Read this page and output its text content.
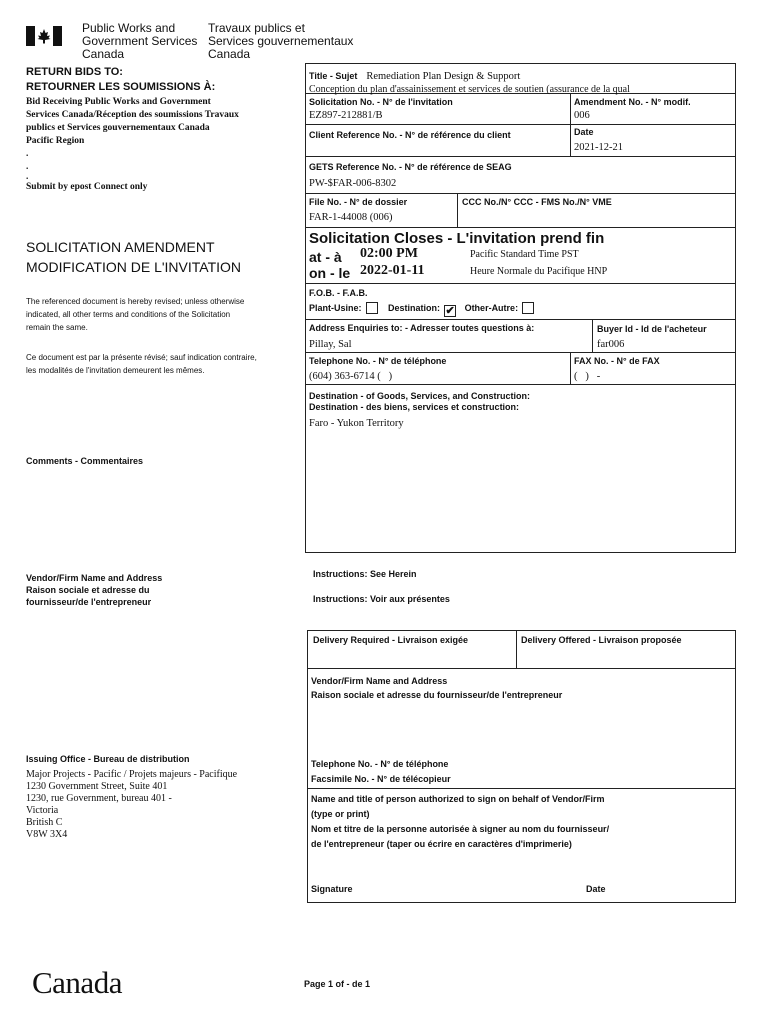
Public Works and
Government Services
Canada
Travaux publics et
Services gouvernementaux
Canada
RETURN BIDS TO:
RETOURNER LES SOUMISSIONS À:
Bid Receiving Public Works and Government
Services Canada/Réception des soumissions Travaux
publics et Services gouvernementaux Canada
Pacific Region
.
.
.
Submit by epost Connect only
SOLICITATION AMENDMENT
MODIFICATION DE L'INVITATION
The referenced document is hereby revised; unless otherwise
indicated, all other terms and conditions of the Solicitation
remain the same.
Ce document est par la présente révisé; sauf indication contraire,
les modalités de l'invitation demeurent les mêmes.
Comments - Commentaires
Vendor/Firm Name and Address
Raison sociale et adresse du
fournisseur/de l'entrepreneur
Issuing Office - Bureau de distribution
Major Projects - Pacific / Projets majeurs - Pacifique
1230 Government Street, Suite 401
1230, rue Government, bureau 401 -
Victoria
British C
V8W 3X4
Title - Sujet Remediation Plan Design & Support
Conception du plan d'assainissement et services de soutien (assurance de la qual
Solicitation No. - N° de l'invitation
EZ897-212881/B
Amendment No. - N° modif.
006
Client Reference No. - N° de référence du client	Date
2021-12-21
GETS Reference No. - N° de référence de SEAG
PW-$FAR-006-8302
File No. - N° de dossier
FAR-1-44008 (006)
CCC No./N° CCC - FMS No./N° VME
Solicitation Closes - L'invitation prend fin
at - à 02:00 PM
on - le 2022-01-11
Pacific Standard Time PST
Heure Normale du Pacifique HNP
F.O.B. - F.A.B.
Plant-Usine:	Destination: ✔ Other-Autre:
Address Enquiries to: - Adresser toutes questions à:
Pillay, Sal
Buyer Id - Id de l'acheteur
far006
Telephone No. - N° de téléphone
(604) 363-6714 (   )
FAX No. - N° de FAX
(   )   -
Destination - of Goods, Services, and Construction:
Destination - des biens, services et construction:
Faro - Yukon Territory
Instructions: See Herein
Instructions: Voir aux présentes
Delivery Required - Livraison exigée	Delivery Offered - Livraison proposée
Vendor/Firm Name and Address
Raison sociale et adresse du fournisseur/de l'entrepreneur
Telephone No. - N° de téléphone
Facsimile No. - N° de télécopieur
Name and title of person authorized to sign on behalf of Vendor/Firm
(type or print)
Nom et titre de la personne autorisée à signer au nom du fournisseur/
de l'entrepreneur (taper ou écrire en caractères d'imprimerie)
Signature	Date
Canada	Page 1 of - de 1
